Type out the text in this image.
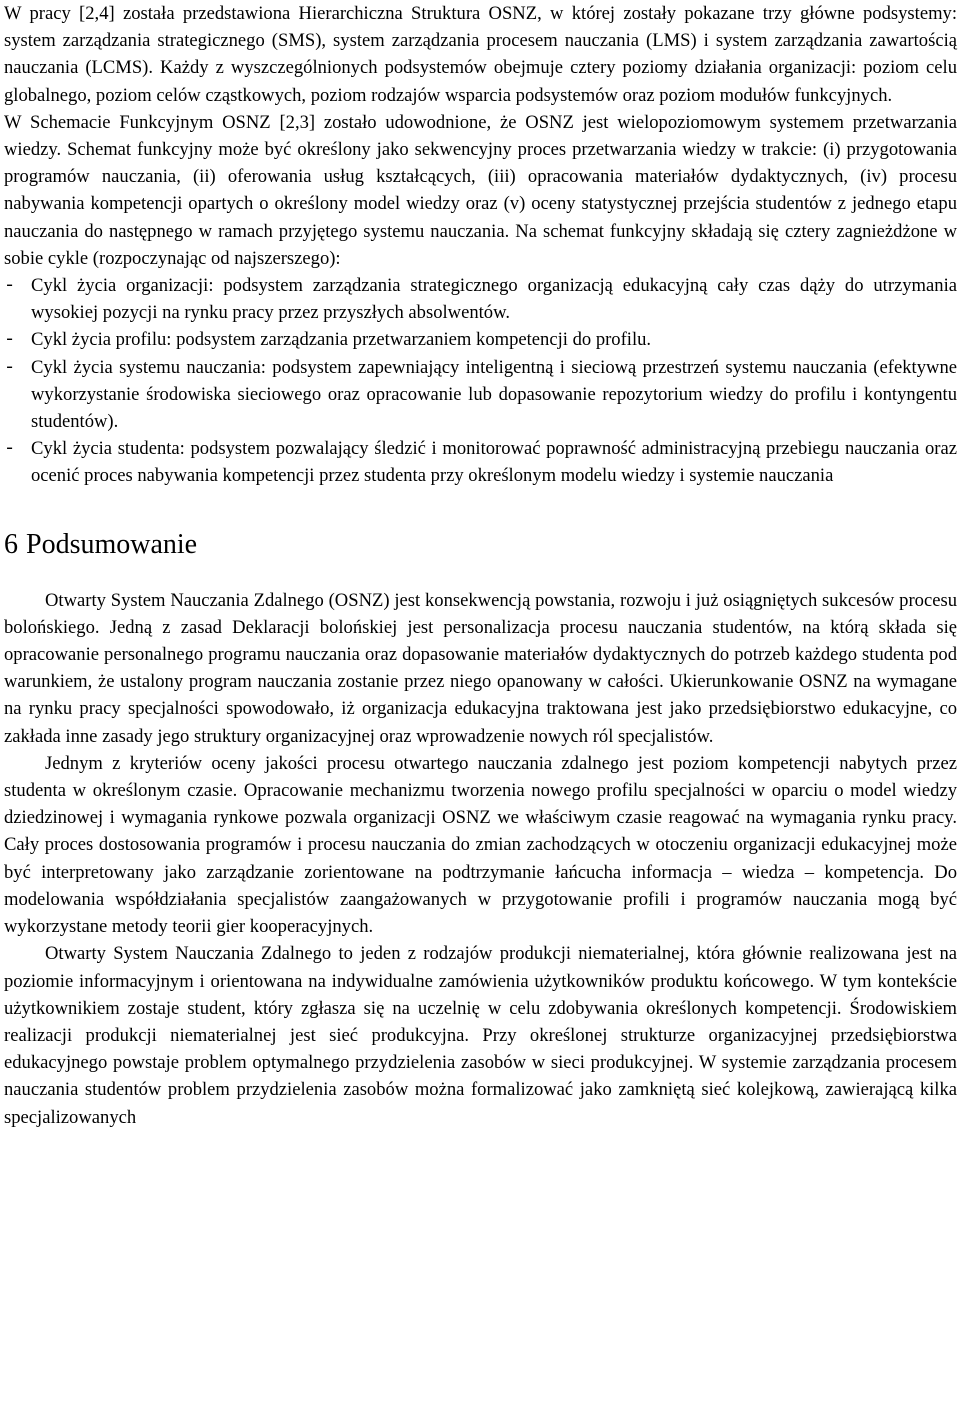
W pracy [2,4] została przedstawiona Hierarchiczna Struktura OSNZ, w której zostały pokazane trzy główne podsystemy: system zarządzania strategicznego (SMS), system zarządzania procesem nauczania (LMS) i system zarządzania zawartością nauczania (LCMS). Każdy z wyszczególnionych podsystemów obejmuje cztery poziomy działania organizacji: poziom celu globalnego, poziom celów cząstkowych, poziom rodzajów wsparcia podsystemów oraz poziom modułów funkcyjnych.

W Schemacie Funkcyjnym OSNZ [2,3] zostało udowodnione, że OSNZ jest wielopoziomowym systemem przetwarzania wiedzy. Schemat funkcyjny może być określony jako sekwencyjny proces przetwarzania wiedzy w trakcie: (i) przygotowania programów nauczania, (ii) oferowania usług kształcących, (iii) opracowania materiałów dydaktycznych, (iv) procesu nabywania kompetencji opartych o określony model wiedzy oraz (v) oceny statystycznej przejścia studentów z jednego etapu nauczania do następnego w ramach przyjętego systemu nauczania. Na schemat funkcyjny składają się cztery zagnieżdżone w sobie cykle (rozpoczynając od najszerszego):

- Cykl życia organizacji: podsystem zarządzania strategicznego organizacją edukacyjną cały czas dąży do utrzymania wysokiej pozycji na rynku pracy przez przyszłych absolwentów.
- Cykl życia profilu: podsystem zarządzania przetwarzaniem kompetencji do profilu.
- Cykl życia systemu nauczania: podsystem zapewniający inteligentną i sieciową przestrzeń systemu nauczania (efektywne wykorzystanie środowiska sieciowego oraz opracowanie lub dopasowanie repozytorium wiedzy do profilu i kontyngentu studentów).
- Cykl życia studenta: podsystem pozwalający śledzić i monitorować poprawność administracyjną przebiegu nauczania oraz ocenić proces nabywania kompetencji przez studenta przy określonym modelu wiedzy i systemie nauczania
6 Podsumowanie

Otwarty System Nauczania Zdalnego (OSNZ) jest konsekwencją powstania, rozwoju i już osiągniętych sukcesów procesu bolońskiego. Jedną z zasad Deklaracji bolońskiej jest personalizacja procesu nauczania studentów, na którą składa się opracowanie personalnego programu nauczania oraz dopasowanie materiałów dydaktycznych do potrzeb każdego studenta pod warunkiem, że ustalony program nauczania zostanie przez niego opanowany w całości. Ukierunkowanie OSNZ na wymagane na rynku pracy specjalności spowodowało, iż organizacja edukacyjna traktowana jest jako przedsiębiorstwo edukacyjne, co zakłada inne zasady jego struktury organizacyjnej oraz wprowadzenie nowych ról specjalistów.

Jednym z kryteriów oceny jakości procesu otwartego nauczania zdalnego jest poziom kompetencji nabytych przez studenta w określonym czasie. Opracowanie mechanizmu tworzenia nowego profilu specjalności w oparciu o model wiedzy dziedzinowej i wymagania rynkowe pozwala organizacji OSNZ we właściwym czasie reagować na wymagania rynku pracy. Cały proces dostosowania programów i procesu nauczania do zmian zachodzących w otoczeniu organizacji edukacyjnej może być interpretowany jako zarządzanie zorientowane na podtrzymanie łańcucha informacja – wiedza – kompetencja. Do modelowania współdziałania specjalistów zaangażowanych w przygotowanie profili i programów nauczania mogą być wykorzystane metody teorii gier kooperacyjnych.

Otwarty System Nauczania Zdalnego to jeden z rodzajów produkcji niematerialnej, która głównie realizowana jest na poziomie informacyjnym i orientowana na indywidualne zamówienia użytkowników produktu końcowego. W tym kontekście użytkownikiem zostaje student, który zgłasza się na uczelnię w celu zdobywania określonych kompetencji. Środowiskiem realizacji produkcji niematerialnej jest sieć produkcyjna. Przy określonej strukturze organizacyjnej przedsiębiorstwa edukacyjnego powstaje problem optymalnego przydzielenia zasobów w sieci produkcyjnej. W systemie zarządzania procesem nauczania studentów problem przydzielenia zasobów można formalizować jako zamkniętą sieć kolejkową, zawierającą kilka specjalizowanych
